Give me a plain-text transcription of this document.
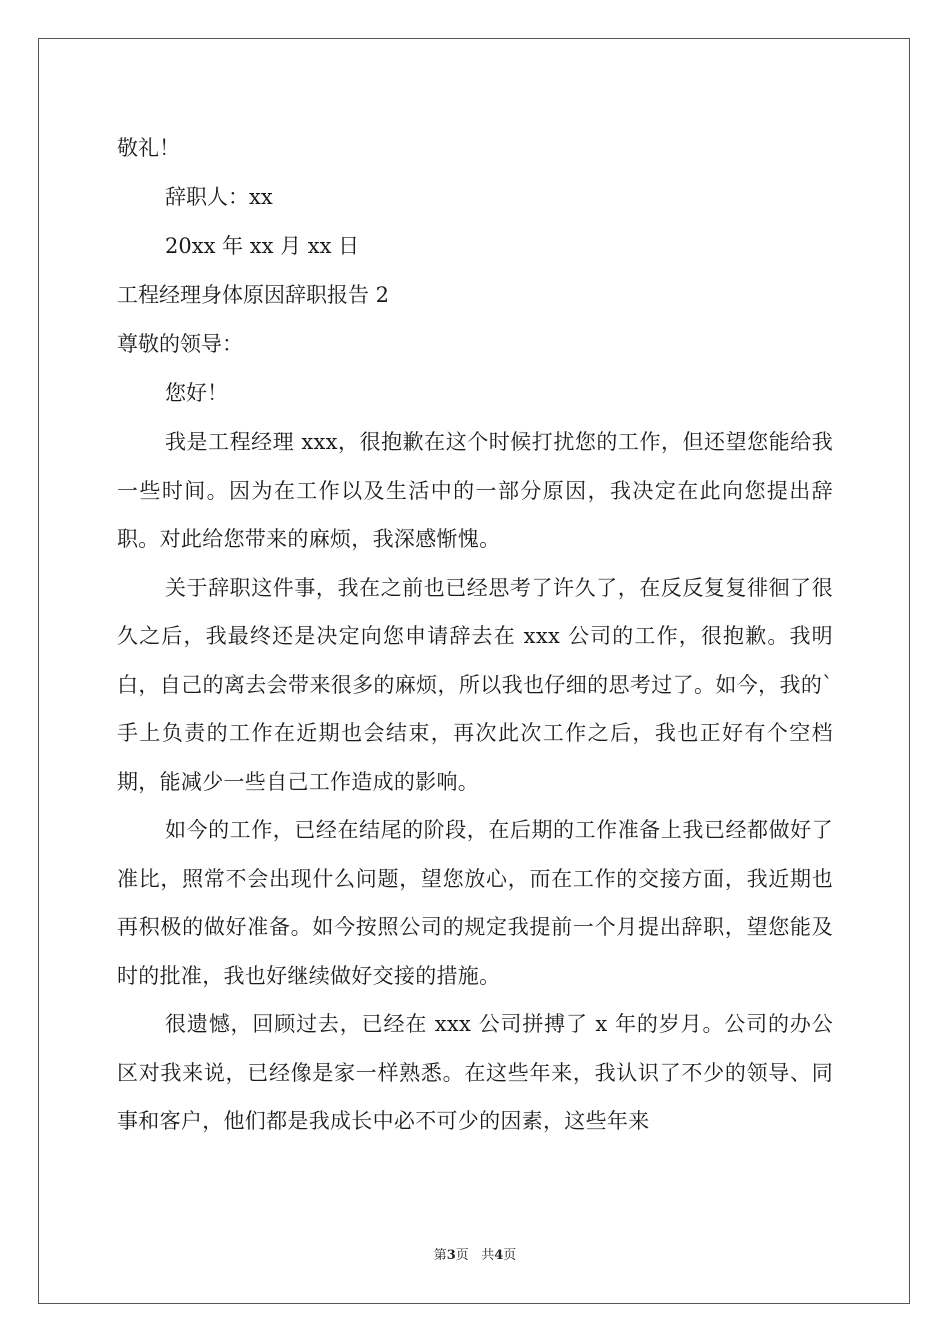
敬礼！

辞职人：xx

20xx 年 xx 月 xx 日

工程经理身体原因辞职报告 2

尊敬的领导：

您好！

我是工程经理 xxx，很抱歉在这个时候打扰您的工作，但还望您能给我一些时间。因为在工作以及生活中的一部分原因，我决定在此向您提出辞职。对此给您带来的麻烦，我深感惭愧。

关于辞职这件事，我在之前也已经思考了许久了，在反反复复徘徊了很久之后，我最终还是决定向您申请辞去在 xxx 公司的工作，很抱歉。我明白，自己的离去会带来很多的麻烦，所以我也仔细的思考过了。如今，我的`手上负责的工作在近期也会结束，再次此次工作之后，我也正好有个空档期，能减少一些自己工作造成的影响。

如今的工作，已经在结尾的阶段，在后期的工作准备上我已经都做好了准比，照常不会出现什么问题，望您放心，而在工作的交接方面，我近期也再积极的做好准备。如今按照公司的规定我提前一个月提出辞职，望您能及时的批准，我也好继续做好交接的措施。

很遗憾，回顾过去，已经在 xxx 公司拼搏了 x 年的岁月。公司的办公区对我来说，已经像是家一样熟悉。在这些年来，我认识了不少的领导、同事和客户，他们都是我成长中必不可少的因素，这些年来

第3页 共4页
